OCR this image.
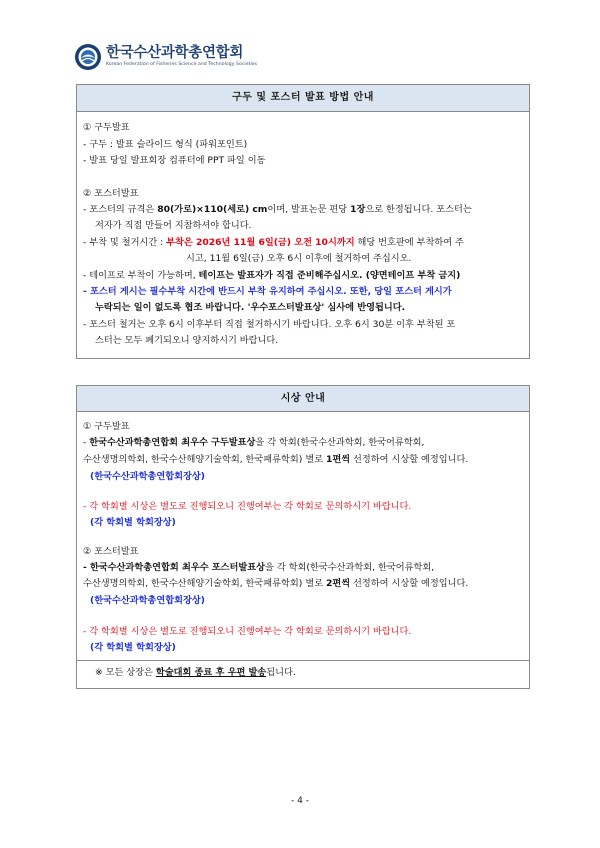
한국수산과학총연합회
Korean Federation of Fisheries Science and Technology Societies
구두 및 포스터 발표 방법 안내
① 구두발표
- 구두 : 발표 슬라이드 형식 (파워포인트)
- 발표 당일 발표회장 컴퓨터에 PPT 파일 이동
② 포스터발표
- 포스터의 규격은 80(가로)×110(세로) cm이며, 발표논문 편당 1장으로 한정됩니다. 포스터는
저자가 직접 만들어 지참하셔야 합니다.
- 부착 및 철거시간 : 부착은 2026년 11월 6일(금) 오전 10시까지 해당 번호판에 부착하여 주
시고, 11월 6일(금) 오후 6시 이후에 철거하여 주십시오.
- 테이프로 부착이 가능하며, 테이프는 발표자가 직접 준비해주십시오. (양면테이프 부착 금지)
- 포스터 게시는 필수부착 시간에 반드시 부착 유지하여 주십시오. 또한, 당일 포스터 게시가
누락되는 일이 없도록 협조 바랍니다. '우수포스터발표상' 심사에 반영됩니다.
- 포스터 철거는 오후 6시 이후부터 직접 철거하시기 바랍니다. 오후 6시 30분 이후 부착된 포
스터는 모두 폐기되오니 양지하시기 바랍니다.
시상 안내
① 구두발표
- 한국수산과학총연합회 최우수 구두발표상을 각 학회(한국수산과학회, 한국어류학회,
수산생명의학회, 한국수산해양기술학회, 한국패류학회) 별로 1편씩 선정하여 시상할 예정입니다.
(한국수산과학총연합회장상)
- 각 학회별 시상은 별도로 진행되오니 진행여부는 각 학회로 문의하시기 바랍니다.
(각 학회별 학회장상)
② 포스터발표
- 한국수산과학총연합회 최우수 포스터발표상을 각 학회(한국수산과학회, 한국어류학회,
수산생명의학회, 한국수산해양기술학회, 한국패류학회) 별로 2편씩 선정하여 시상할 예정입니다.
(한국수산과학총연합회장상)
- 각 학회별 시상은 별도로 진행되오니 진행여부는 각 학회로 문의하시기 바랍니다.
(각 학회별 학회장상)
※ 모든 상장은 학술대회 종료 후 우편 발송됩니다.
- 4 -
